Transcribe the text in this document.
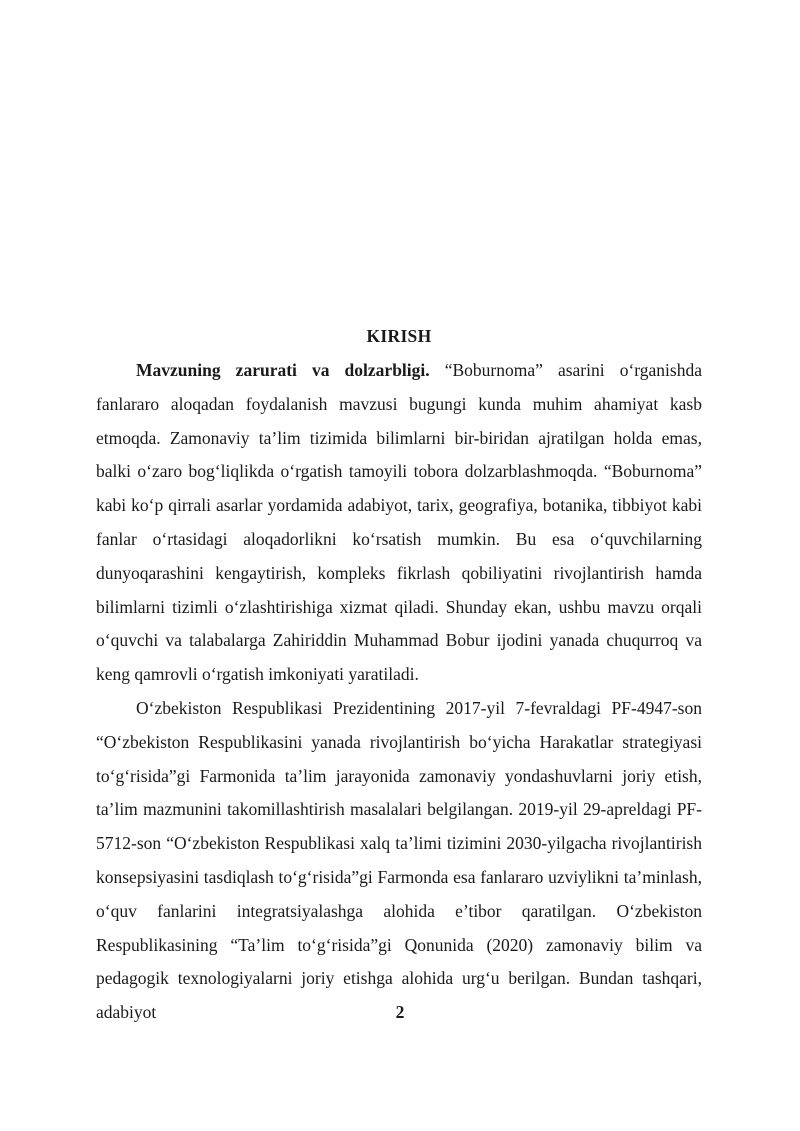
KIRISH

Mavzuning zarurati va dolzarbligi. “Boburnoma” asarini o‘rganishda fanlararo aloqadan foydalanish mavzusi bugungi kunda muhim ahamiyat kasb etmoqda. Zamonaviy ta’lim tizimida bilimlarni bir-biridan ajratilgan holda emas, balki o‘zaro bog‘liqlikda o‘rgatish tamoyili tobora dolzarblashmoqda. “Boburnoma” kabi ko‘p qirrali asarlar yordamida adabiyot, tarix, geografiya, botanika, tibbiyot kabi fanlar o‘rtasidagi aloqadorlikni ko‘rsatish mumkin. Bu esa o‘quvchilarning dunyoqarashini kengaytirish, kompleks fikrlash qobiliyatini rivojlantirish hamda bilimlarni tizimli o‘zlashtirishiga xizmat qiladi. Shunday ekan, ushbu mavzu orqali o‘quvchi va talabalarga Zahiriddin Muhammad Bobur ijodini yanada chuqurroq va keng qamrovli o‘rgatish imkoniyati yaratiladi.

O‘zbekiston Respublikasi Prezidentining 2017-yil 7-fevraldagi PF-4947-son “O‘zbekiston Respublikasini yanada rivojlantirish bo‘yicha Harakatlar strategiyasi to‘g‘risida”gi Farmonida ta’lim jarayonida zamonaviy yondashuvlarni joriy etish, ta’lim mazmunini takomillashtirish masalalari belgilangan. 2019-yil 29-apreldagi PF-5712-son “O‘zbekiston Respublikasi xalq ta’limi tizimini 2030-yilgacha rivojlantirish konsepsiyasini tasdiqlash to‘g‘risida”gi Farmonda esa fanlararo uzviylikni ta’minlash, o‘quv fanlarini integratsiyalashga alohida e’tibor qaratilgan. O‘zbekiston Respublikasining “Ta’lim to‘g‘risida”gi Qonunida (2020) zamonaviy bilim va pedagogik texnologiyalarni joriy etishga alohida urg‘u berilgan. Bundan tashqari, adabiyot	2
